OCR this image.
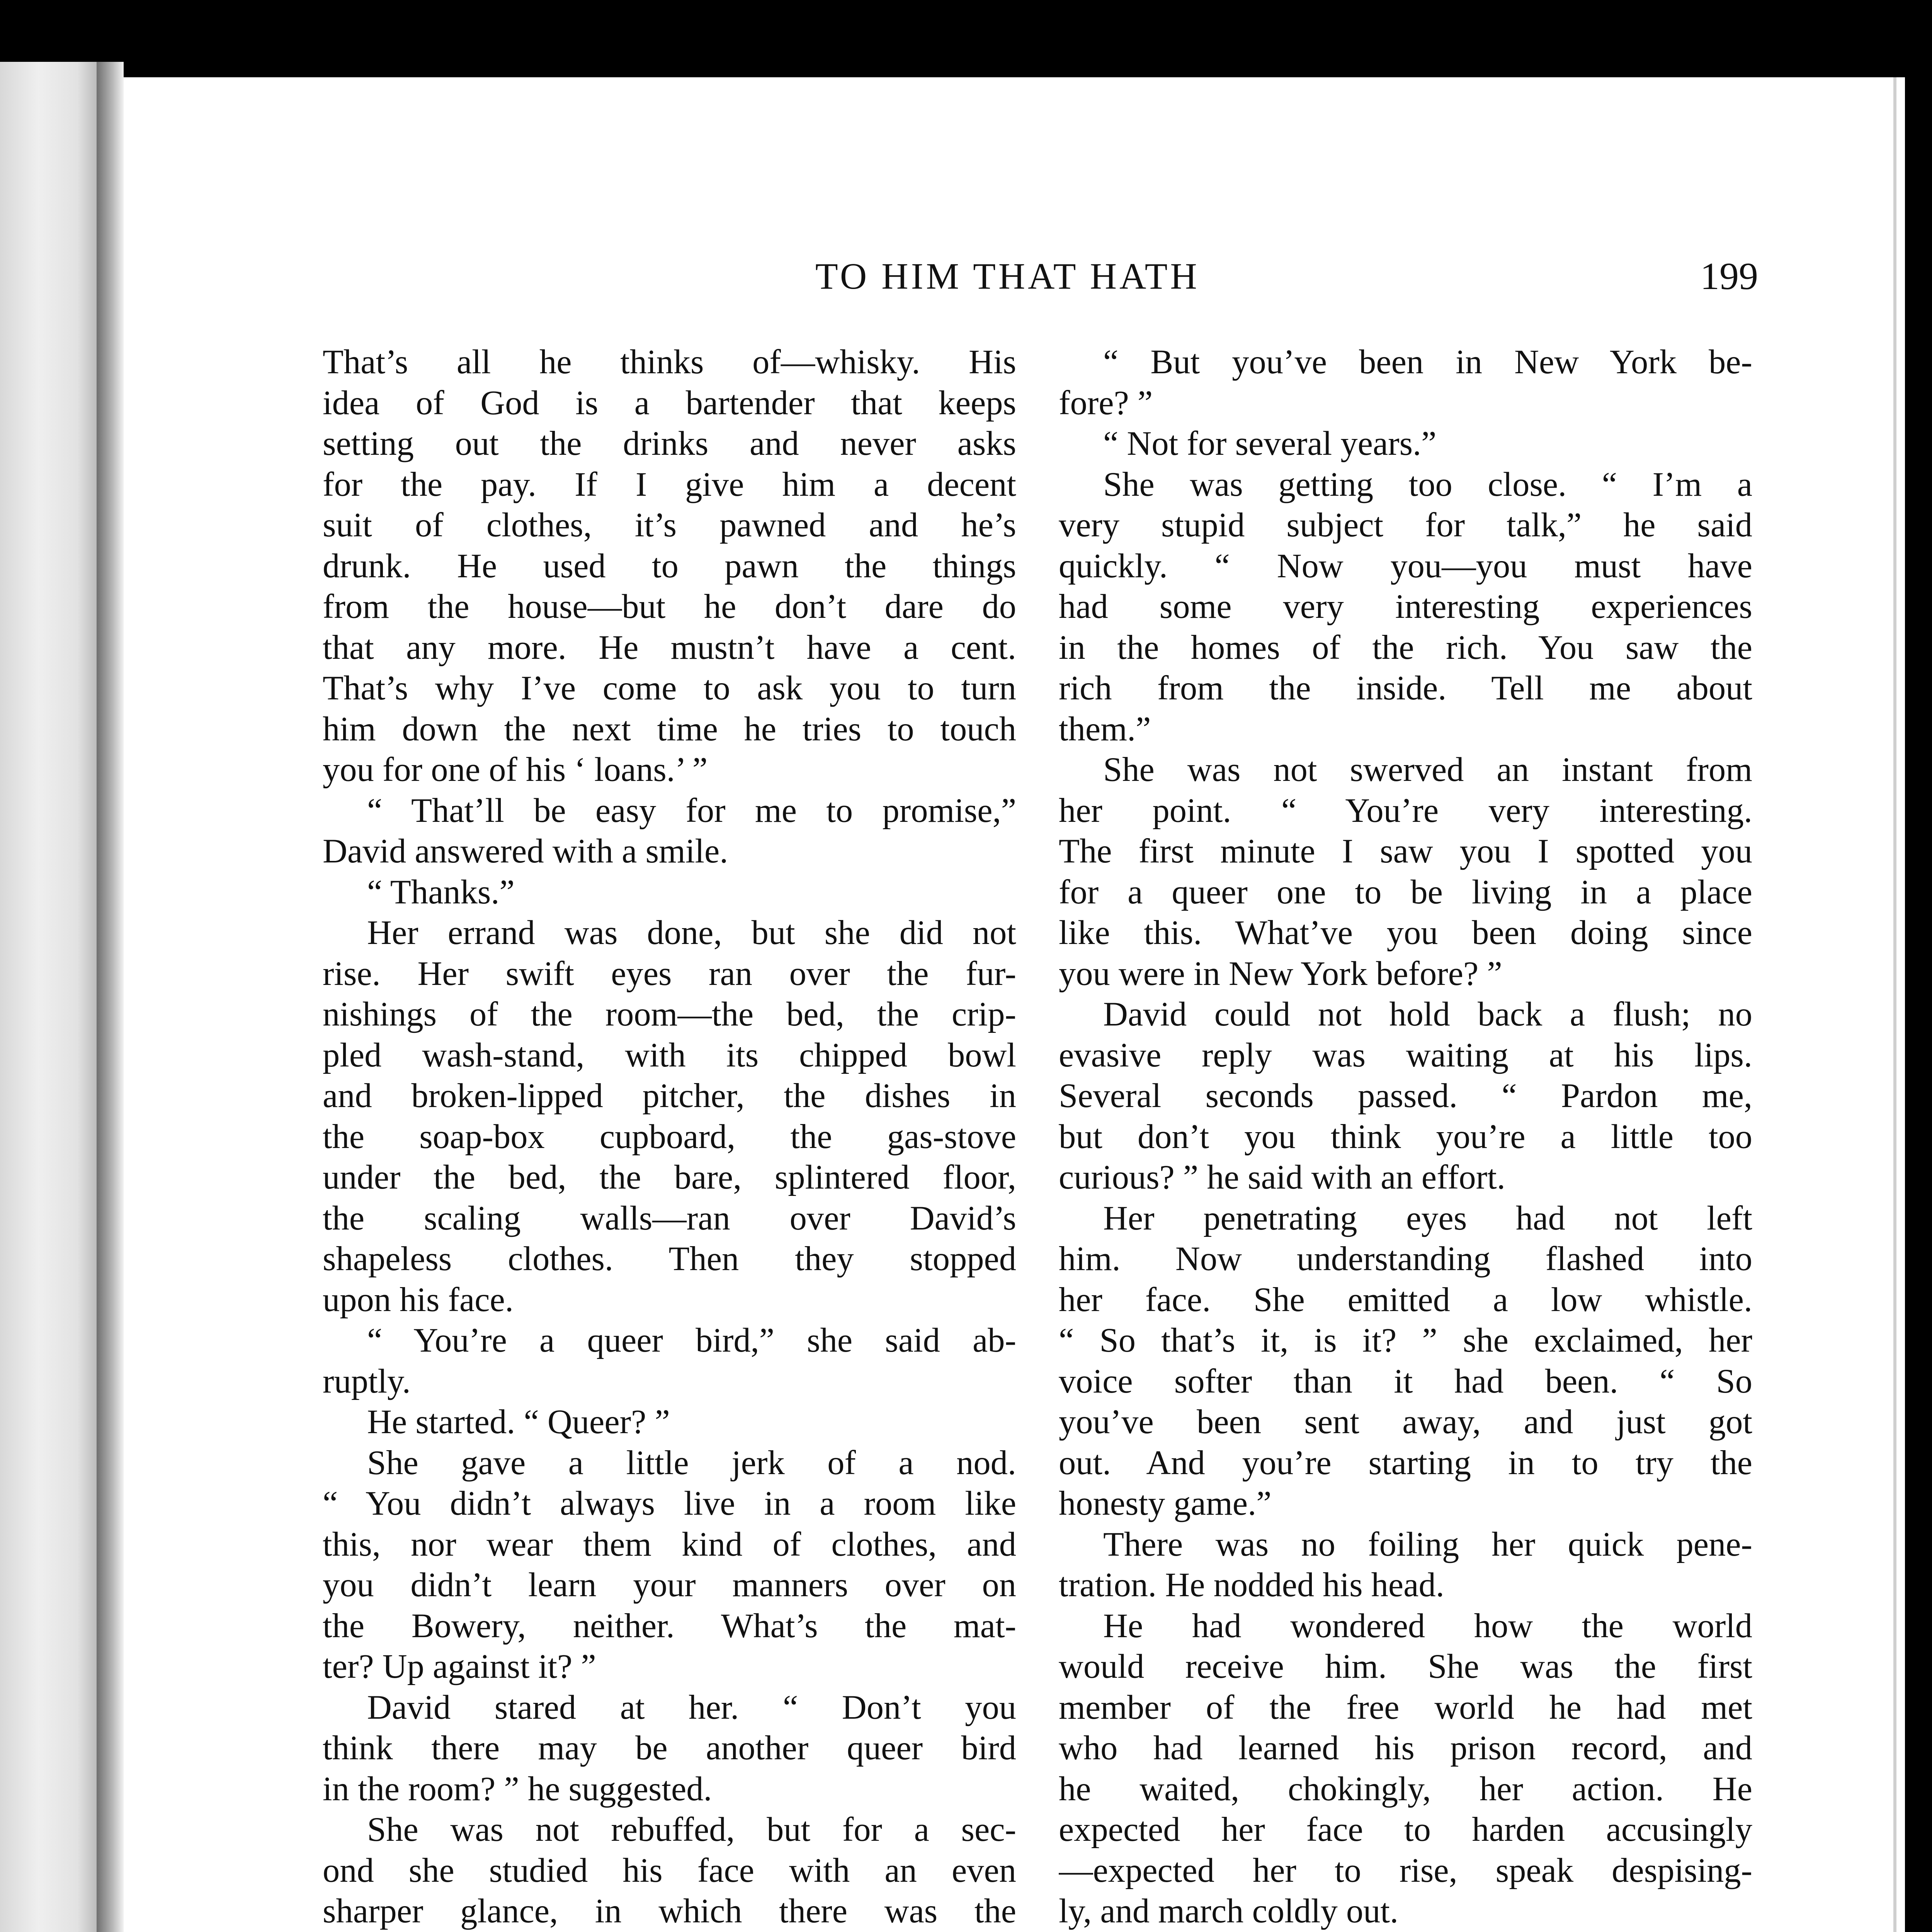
TO HIM THAT HATH	199
That’s all he thinks of—whisky. His
idea of God is a bartender that keeps
setting out the drinks and never asks
for the pay. If I give him a decent
suit of clothes, it’s pawned and he’s
drunk. He used to pawn the things
from the house—but he don’t dare do
that any more. He mustn’t have a cent.
That’s why I’ve come to ask you to turn
him down the next time he tries to touch
you for one of his ‘ loans.’ ”
“ That’ll be easy for me to promise,”
David answered with a smile.
“ Thanks.”
Her errand was done, but she did not
rise. Her swift eyes ran over the fur-
nishings of the room—the bed, the crip-
pled wash-stand, with its chipped bowl
and broken-lipped pitcher, the dishes in
the soap-box cupboard, the gas-stove
under the bed, the bare, splintered floor,
the scaling walls—ran over David’s
shapeless clothes. Then they stopped
upon his face.
“ You’re a queer bird,” she said ab-
ruptly.
He started. “ Queer? ”
She gave a little jerk of a nod.
“ You didn’t always live in a room like
this, nor wear them kind of clothes, and
you didn’t learn your manners over on
the Bowery, neither. What’s the mat-
ter? Up against it? ”
David stared at her. “ Don’t you
think there may be another queer bird
in the room? ” he suggested.
She was not rebuffed, but for a sec-
ond she studied his face with an even
sharper glance, in which there was the
“ But you’ve been in New York be-
fore? ”
“ Not for several years.”
She was getting too close. “ I’m a
very stupid subject for talk,” he said
quickly. “ Now you—you must have
had some very interesting experiences
in the homes of the rich. You saw the
rich from the inside. Tell me about
them.”
She was not swerved an instant from
her point. “ You’re very interesting.
The first minute I saw you I spotted you
for a queer one to be living in a place
like this. What’ve you been doing since
you were in New York before? ”
David could not hold back a flush; no
evasive reply was waiting at his lips.
Several seconds passed. “ Pardon me,
but don’t you think you’re a little too
curious? ” he said with an effort.
Her penetrating eyes had not left
him. Now understanding flashed into
her face. She emitted a low whistle.
“ So that’s it, is it? ” she exclaimed, her
voice softer than it had been. “ So
you’ve been sent away, and just got
out. And you’re starting in to try the
honesty game.”
There was no foiling her quick pene-
tration. He nodded his head.
He had wondered how the world
would receive him. She was the first
member of the free world he had met
who had learned his prison record, and
he waited, chokingly, her action. He
expected her face to harden accusingly
—expected her to rise, speak despising-
ly, and march coldly out.
